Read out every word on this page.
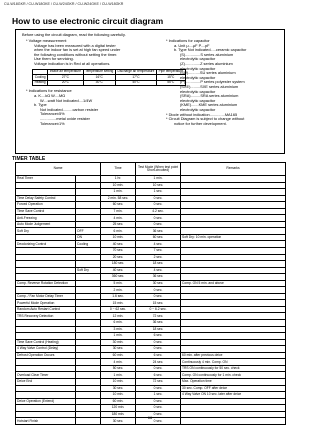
CU-W18GKR / CU-W18GKE / CU-W24GKR / CU-W24GKE / CU-W18GKR
How to use electronic circuit diagram
Before using the circuit diagram, read the following carefully.
* Voltage measurement
Voltage has been measured with a digital tester
when the indoor fan is set at high fan speed under
the following conditions without setting the timer.
Use them for servicing.
Voltage indication is in Red at all operations.
	Intake air temperature	Temperature setting	Discharge air temperature	Pipe temperature
Cooling	27°C	16°C	17°C	15°C
Heating	20°C	30°C	40°C	55°C
* Indications for resistance
a. K....kΩ W....MΩ
W....watt Not indicated....1/4W
b. Type
Not indicated.........carbon resister
Tolerance±5%
...............metal oxide resister
Tolerance±1%
* Indications for capacitor
a. Unit μ....μF P....pF
b. Type Not indicated.....ceramic capacitor
(S)..............S series aluminium
electrolytic capacitor
(Z)..............Z series aluminium
electrolytic capacitor
(SU)...........SU series aluminium
electrolytic capacitor
(P)..............P series polyester system
(SXE).........SXE series aluminium
electrolytic capacitor
(SRA).........SRA series aluminium
electrolytic capacitor
(KME).......KME series aluminium
electrolytic capacitor
* Diode without indication..............MA165
* Circuit Diagram is subject to change without
notice for further development.
TIMER TABLE
Name		Time	Test Mode (When test point Short-circuited)	Remarks
Real Timer		1 hr.	1 min.	
		10 min.	10 sec.	
		1 min.	1 sec.	
Time Delay Safety Control		2 min. 58 sec.	0 sec.	
Forced Operation		60 sec.	0 sec.	
Time Save Control		7 min.	4.2 sec.	
Anti-Freezing		4 min.	0 sec.	
Auto Mode Judgement		25 sec.	0 sec.	
Soft Dry	OFF	6 min.	36 sec.	
	ON	10 min.	60 sec.	Soft Dry: 10 min. operation
Deodorizing Control	Cooling	40 sec.	4 sec.	
		70 sec.	7 sec.	
		20 sec.	2 sec.	
		180 sec.	18 sec.	
	Soft Dry	40 sec.	4 sec.	
		360 sec.	36 sec.	
Comp. Reverse Rotation Detection		5 min.	30 sec.	Comp. ON 5 min. and above
		2 min.	0 sec.	
Comp. / Fan Motor Delay Timer		1.6 sec.	0 sec.	
Powerful Mode Operation		15 min.	15 sec.	
Random Auto Restart Control		0 ~ 62 sec.	0 ~ 6.2 sec.	
TRS Recovery Detection		12 min.	72 sec.	
		6 min.	36 sec.	
		3 min.	18 sec.	
		1 min.	6 sec.	
Time Save Control (Heating)		30 min.	0 sec.	
4 Way Valve Control (Delay)		30 sec.	0 sec.	
Defrost Operation Occurs		60 min.	6 sec.	60 min. after previous deice
		4 min.	24 sec.	Continuously 4 min. Comp. ON
		50 sec.	0 sec.	TRS ON continuously for 50 sec. check
Overload Clear Timer		1 min.	6 sec.	Comp. ON continuously for 1 min. check
Deice End		10 min.	72 sec.	Max. Operation time
		30 sec.	0 sec.	30 sec. Comp. OFF after deice
		10 min.	1 sec.	4 Way Valve ON 10 sec. later after deice
Deice Operation (Extend)		60 min.	0 sec.	
		120 min.	0 sec.	
		180 min.	0 sec.	
Hotstart Finish		30 sec.	0 sec.	
66
